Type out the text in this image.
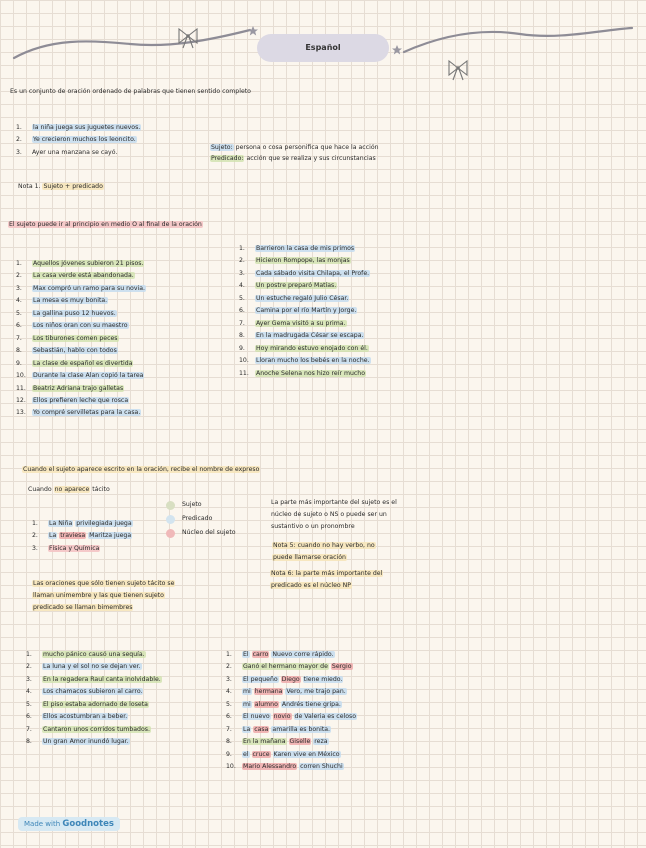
Español
Es un conjunto de oración ordenado de palabras que tienen sentido completo
1. la niña juega sus juguetes nuevos.
2. Ye crecieron muchos los leoncito.
3. Ayer una manzana se cayó.
Sujeto: persona o cosa personifica que hace la acción
Predicado: acción que se realiza y sus circunstancias
Nota 1. Sujeto + predicado
El sujeto puede ir al principio en medio O al final de la oración
1. Aquellos jóvenes subieron 21 pisos.
2. La casa verde está abandonada.
3. Max compró un ramo para su novia.
4. La mesa es muy bonita.
5. La gallina puso 12 huevos.
6. Los niños oran con su maestro
7. Los tiburones comen peces
8. Sebastián, hablo con todos
9. La clase de español es divertida
10. Durante la clase Alan copió la tarea
11. Beatriz Adriana trajo galletas
12. Ellos prefieren leche que rosca
13. Yo compré servilletas para la casa.
1. Barrieron la casa de mis primos
2. Hicieron Rompope, las monjas
3. Cada sábado visita Chilapa, el Profe.
4. Un postre preparó Matías.
5. Un estuche regaló Julio César.
6. Camina por el río Martín y Jorge.
7. Ayer Gema visitó a su prima.
8. En la madrugada César se escapa.
9. Hoy mirando estuvo enojado con él.
10. Lloran mucho los bebés en la noche.
11. Anoche Selena nos hizo reír mucho
Cuando el sujeto aparece escrito en la oración, recibe el nombre de expreso
Cuando no aparece tácito
Sujeto
Predicado
Núcleo del sujeto
1. La Niña privilegiada juega
2. La traviesa Maritza juega
3. Física y Química
La parte más importante del sujeto es el
núcleo de sujeto o NS o puede ser un
sustantivo o un pronombre
Nota 5: cuando no hay verbo, no
puede llamarse oración
Nota 6: la parte más importante del
predicado es el núcleo NP
Las oraciones que sólo tienen sujeto tácito se
llaman unimembre y las que tienen sujeto
predicado se llaman bimembres
1. mucho pánico causó una sequía.
2. La luna y el sol no se dejan ver.
3. En la regadera Raul canta inolvidable.
4. Los chamacos subieron al carro.
5. El piso estaba adornado de loseta
6. Ellos acostumbran a beber.
7. Cantaron unos corridos tumbados.
8. Un gran Amor inundó lugar.
1. El carro Nuevo corre rápido.
2. Ganó el hermano mayor de Sergio
3. El pequeño Diego tiene miedo.
4. mi hermana Vero, me trajo pan.
5. mi alumno Andrés tiene gripa.
6. El nuevo novio de Valeria es celoso
7. La casa amarilla es bonita.
8. En la mañana Giselle reza
9. el cruce Karen vive en México
10. Mario Alessandro corren Shuchi
Made with Goodnotes
